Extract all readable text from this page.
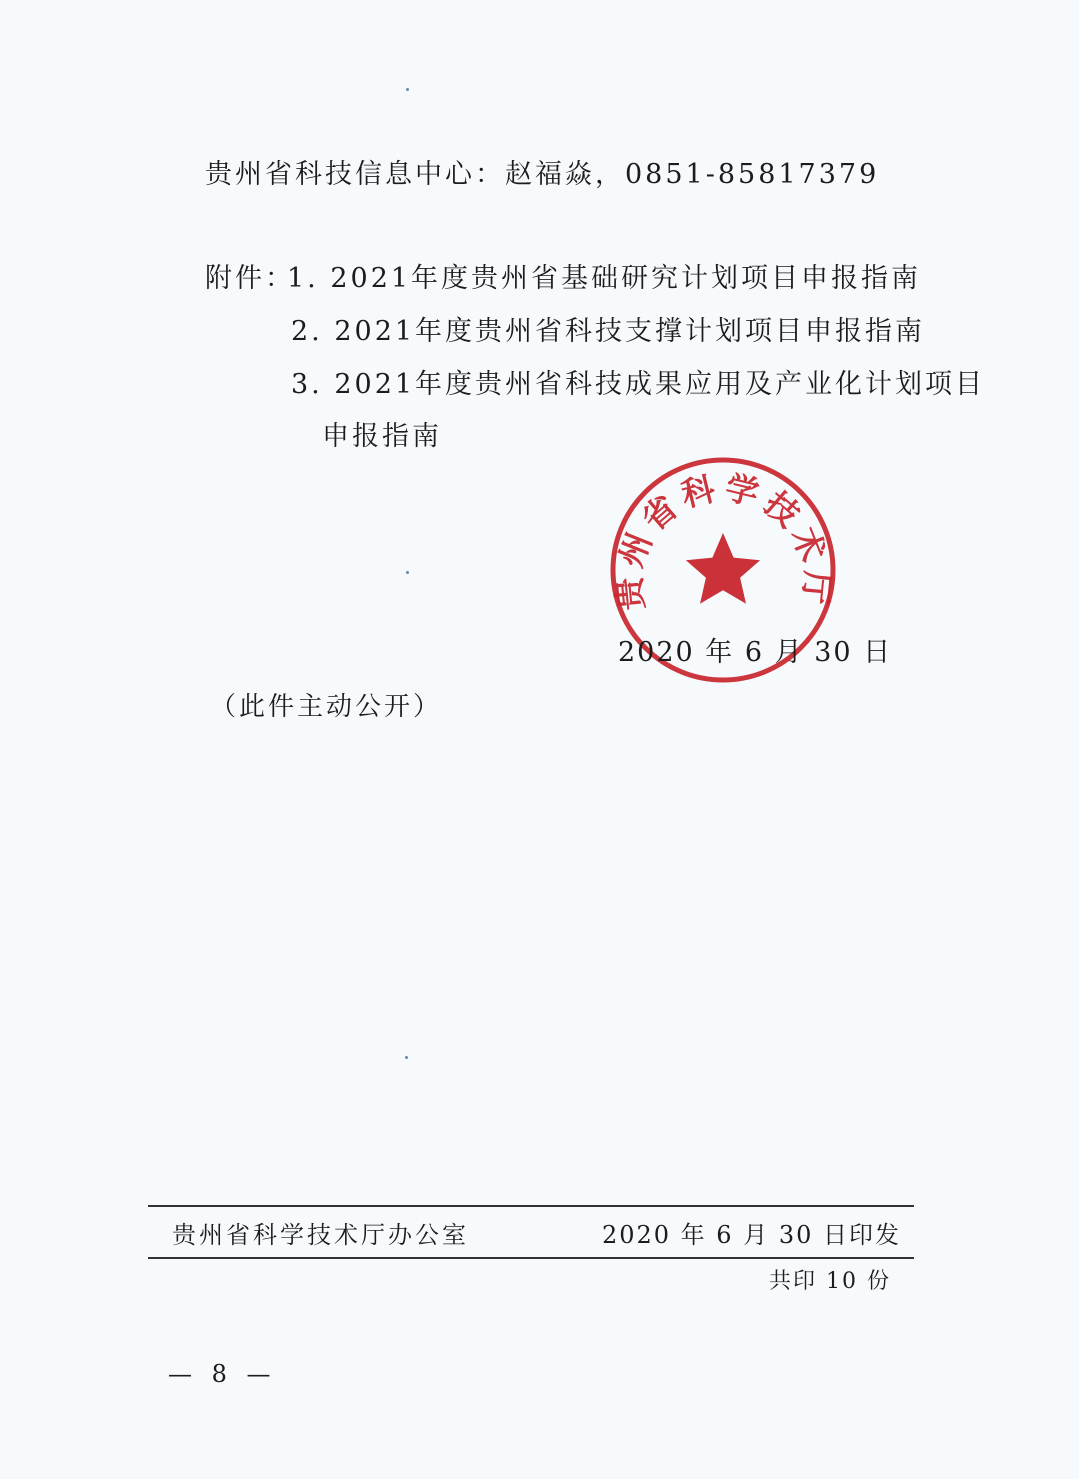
贵州省科技信息中心：赵福焱，0851-85817379
附件：
1. 2021年度贵州省基础研究计划项目申报指南
2. 2021年度贵州省科技支撑计划项目申报指南
3. 2021年度贵州省科技成果应用及产业化计划项目
申报指南
贵州省科学技术厅
2020 年 6 月 30 日
（此件主动公开）
贵州省科学技术厅办公室	2020 年 6 月 30 日印发
共印 10 份
— 8 —
